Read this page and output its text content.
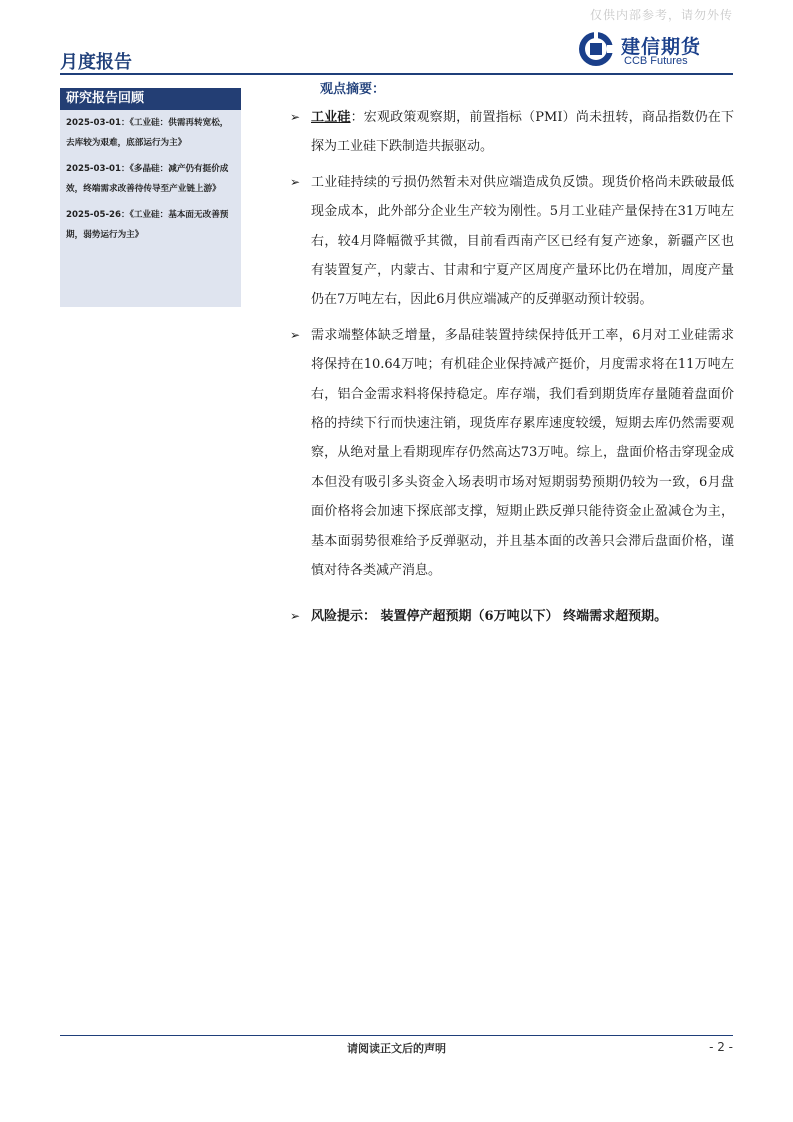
仅供内部参考，请勿外传
月度报告
建信期货
CCB Futures
研究报告回顾
2025-03-01：《工业硅：供需再转宽松，去库较为艰难，底部运行为主》
2025-03-01：《多晶硅：减产仍有挺价成效，终端需求改善待传导至产业链上游》
2025-05-26：《工业硅：基本面无改善预期，弱势运行为主》
观点摘要：
➢ 工业硅：宏观政策观察期，前置指标（PMI）尚未扭转，商品指数仍在下探为工业硅下跌制造共振驱动。
➢ 工业硅持续的亏损仍然暂未对供应端造成负反馈。现货价格尚未跌破最低现金成本，此外部分企业生产较为刚性。5月工业硅产量保持在31万吨左右，较4月降幅微乎其微，目前看西南产区已经有复产迹象，新疆产区也有装置复产，内蒙古、甘肃和宁夏产区周度产量环比仍在增加，周度产量仍在7万吨左右，因此6月供应端减产的反弹驱动预计较弱。
➢ 需求端整体缺乏增量，多晶硅装置持续保持低开工率，6月对工业硅需求将保持在10.64万吨；有机硅企业保持减产挺价，月度需求将在11万吨左右，铝合金需求料将保持稳定。库存端，我们看到期货库存量随着盘面价格的持续下行而快速注销，现货库存累库速度较缓，短期去库仍然需要观察，从绝对量上看期现库存仍然高达73万吨。综上，盘面价格击穿现金成本但没有吸引多头资金入场表明市场对短期弱势预期仍较为一致，6月盘面价格将会加速下探底部支撑，短期止跌反弹只能待资金止盈减仓为主，基本面弱势很难给予反弹驱动，并且基本面的改善只会滞后盘面价格，谨慎对待各类减产消息。
➢ 风险提示： 装置停产超预期（6万吨以下） 终端需求超预期。
请阅读正文后的声明	- 2 -
